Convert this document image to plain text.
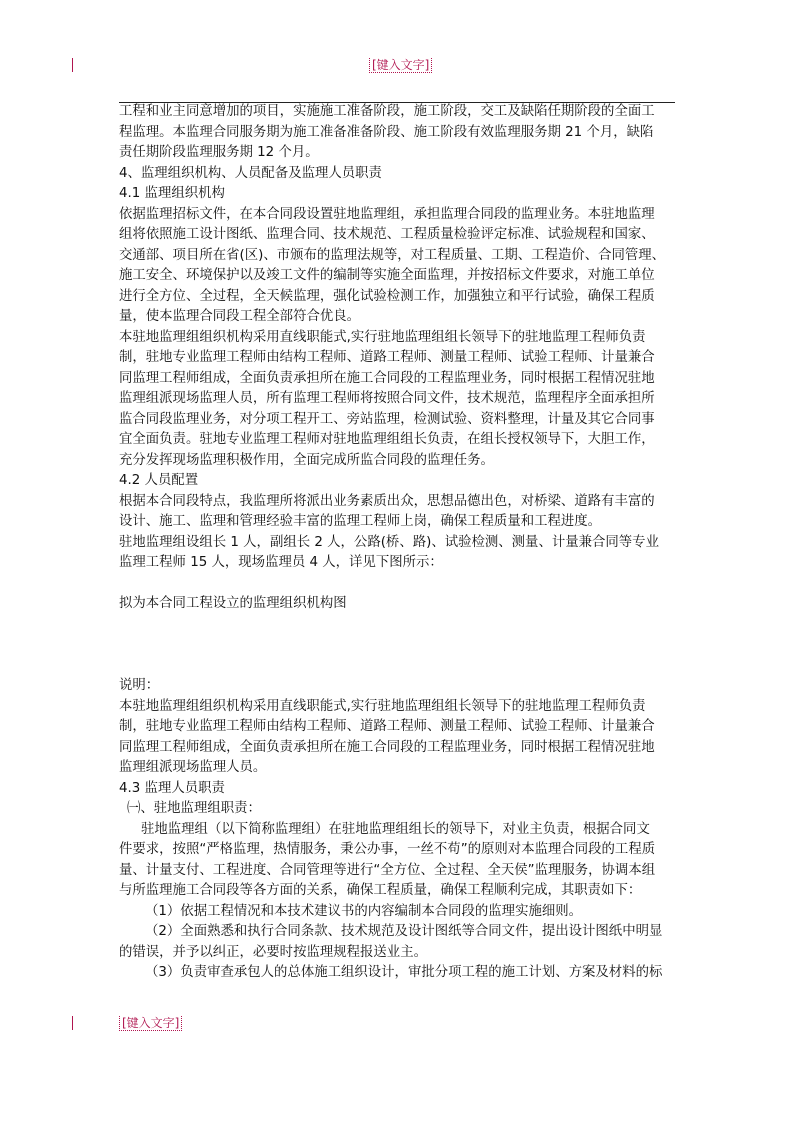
[键入文字]

工程和业主同意增加的项目，实施施工准备阶段，施工阶段，交工及缺陷任期阶段的全面工

程监理。本监理合同服务期为施工准备准备阶段、施工阶段有效监理服务期 21 个月，缺陷

责任期阶段监理服务期 12 个月。

4、监理组织机构、人员配备及监理人员职责

4.1 监理组织机构

依据监理招标文件，在本合同段设置驻地监理组，承担监理合同段的监理业务。本驻地监理

组将依照施工设计图纸、监理合同、技术规范、工程质量检验评定标准、试验规程和国家、

交通部、项目所在省(区)、市颁布的监理法规等，对工程质量、工期、工程造价、合同管理、

施工安全、环境保护以及竣工文件的编制等实施全面监理，并按招标文件要求，对施工单位

进行全方位、全过程，全天候监理，强化试验检测工作，加强独立和平行试验，确保工程质

量，使本监理合同段工程全部符合优良。

本驻地监理组组织机构采用直线职能式,实行驻地监理组组长领导下的驻地监理工程师负责

制，驻地专业监理工程师由结构工程师、道路工程师、测量工程师、试验工程师、计量兼合

同监理工程师组成，全面负责承担所在施工合同段的工程监理业务，同时根据工程情况驻地

监理组派现场监理人员，所有监理工程师将按照合同文件，技术规范，监理程序全面承担所

监合同段监理业务，对分项工程开工、旁站监理，检测试验、资料整理，计量及其它合同事

宜全面负责。驻地专业监理工程师对驻地监理组组长负责，在组长授权领导下，大胆工作，

充分发挥现场监理积极作用，全面完成所监合同段的监理任务。

4.2 人员配置

根据本合同段特点，我监理所将派出业务素质出众，思想品德出色，对桥梁、道路有丰富的

设计、施工、监理和管理经验丰富的监理工程师上岗，确保工程质量和工程进度。

驻地监理组设组长 1 人，副组长 2 人，公路(桥、路)、试验检测、测量、计量兼合同等专业

监理工程师 15 人，现场监理员 4 人，详见下图所示：

拟为本合同工程设立的监理组织机构图

说明：

本驻地监理组组织机构采用直线职能式,实行驻地监理组组长领导下的驻地监理工程师负责

制，驻地专业监理工程师由结构工程师、道路工程师、测量工程师、试验工程师、计量兼合

同监理工程师组成，全面负责承担所在施工合同段的工程监理业务，同时根据工程情况驻地

监理组派现场监理人员。

4.3 监理人员职责

㈠、驻地监理组职责：

驻地监理组（以下简称监理组）在驻地监理组组长的领导下，对业主负责，根据合同文

件要求，按照“严格监理，热情服务，秉公办事，一丝不苟”的原则对本监理合同段的工程质

量、计量支付、工程进度、合同管理等进行“全方位、全过程、全天侯”监理服务，协调本组

与所监理施工合同段等各方面的关系，确保工程质量，确保工程顺利完成，其职责如下：

（1）依据工程情况和本技术建议书的内容编制本合同段的监理实施细则。

（2）全面熟悉和执行合同条款、技术规范及设计图纸等合同文件，提出设计图纸中明显

的错误，并予以纠正，必要时按监理规程报送业主。

（3）负责审查承包人的总体施工组织设计，审批分项工程的施工计划、方案及材料的标

[键入文字]
